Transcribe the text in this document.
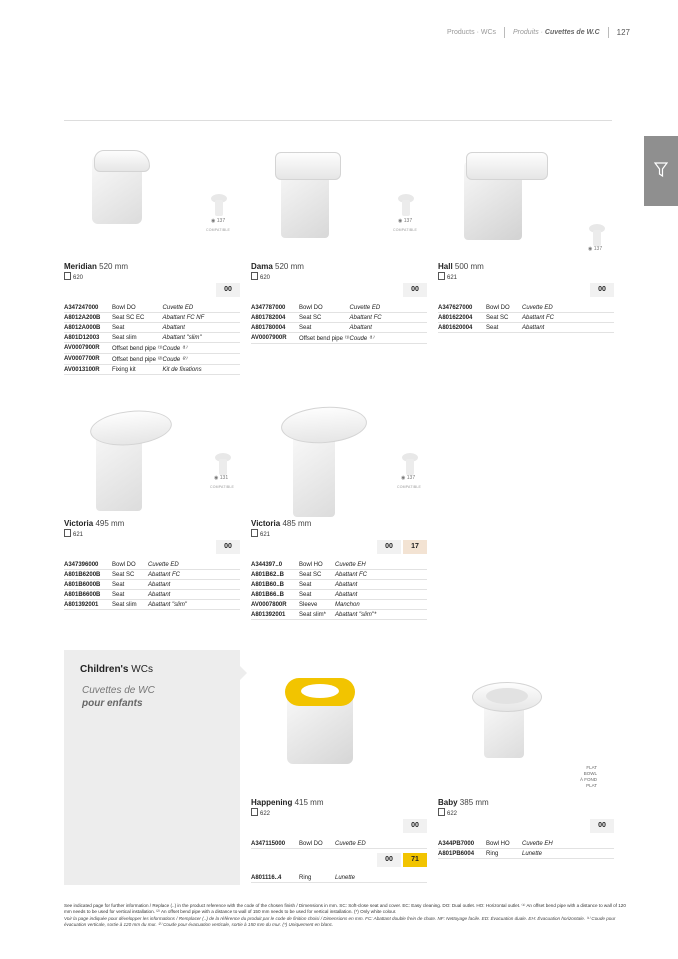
Products · WCs Produits · Cuvettes de W.C 127
◉ 137
COMPATIBLE
Meridian 520 mm
620
00
A347247000	Bowl DO	Cuvette ED
A8012A200B	Seat SC EC	Abattant FC NF
A8012A000B	Seat	Abattant
A801D12003	Seat slim	Abattant "slim"
AV0007900R	Offset bend pipe ⁽¹⁾	Coude ⁽¹⁾
AV0007700R	Offset bend pipe ⁽²⁾	Coude ⁽²⁾
AV0013100R	Fixing kit	Kit de fixations
◉ 137
COMPATIBLE
Dama 520 mm
620
00
A347787000	Bowl DO	Cuvette ED
A801782004	Seat SC	Abattant FC
A801780004	Seat	Abattant
AV0007900R	Offset bend pipe ⁽¹⁾	Coude ⁽¹⁾
◉ 137
Hall 500 mm
621
00
A347627000	Bowl DO	Cuvette ED
A801622004	Seat SC	Abattant FC
A801620004	Seat	Abattant
◉ 131
COMPATIBLE
Victoria 495 mm
621
00
A347396000	Bowl DO	Cuvette ED
A801B6200B	Seat SC	Abattant FC
A801B6000B	Seat	Abattant
A801B6600B	Seat	Abattant
A801392001	Seat slim	Abattant "slim"
◉ 137
COMPATIBLE
Victoria 485 mm
621
00	17
A344397..0	Bowl HO	Cuvette EH
A801B62..B	Seat SC	Abattant FC
A801B60..B	Seat	Abattant
A801B66..B	Seat	Abattant
AV0007800R	Sleeve	Manchon
A801392001	Seat slim*	Abattant "slim"*
Children's WCs
Cuvettes de WC
pour enfants
Happening 415 mm
622
00
A347115000	Bowl DO	Cuvette ED
00	71
A801116..4	Ring	Lunette
Baby 385 mm
622
00
A344PB7000	Bowl HO	Cuvette EH
A801PB6004	Ring	Lunette
FLAT
BOWL
À FOND
PLAT

See indicated page for further information / Replace (..) in the product reference with the code of the chosen finish / Dimensions in mm. SC: Soft-close seat and cover. EC: Easy cleaning. DO: Dual outlet. HO: Horizontal outlet. ⁽¹⁾ An offset bend pipe with a distance to wall of 120 mm needs to be used for vertical installation. ⁽²⁾ An offset bend pipe with a distance to wall of 150 mm needs to be used for vertical installation. (*) Only white colour.

Voir la page indiquée pour développer les informations / Remplacer (..) de la référence du produit par le code de finition choisi / Dimensions en mm. FC: Abattant double frein de chute. NF: Nettoyage facile. ED: Évacuation duale. EH: Évacuation horizontale. ⁽¹⁾ Coude pour évacuation verticale, sortie à 120 mm du mur. ⁽²⁾ Coude pour évacuation verticale, sortie à 150 mm du mur. (*) Uniquement en blanc.
